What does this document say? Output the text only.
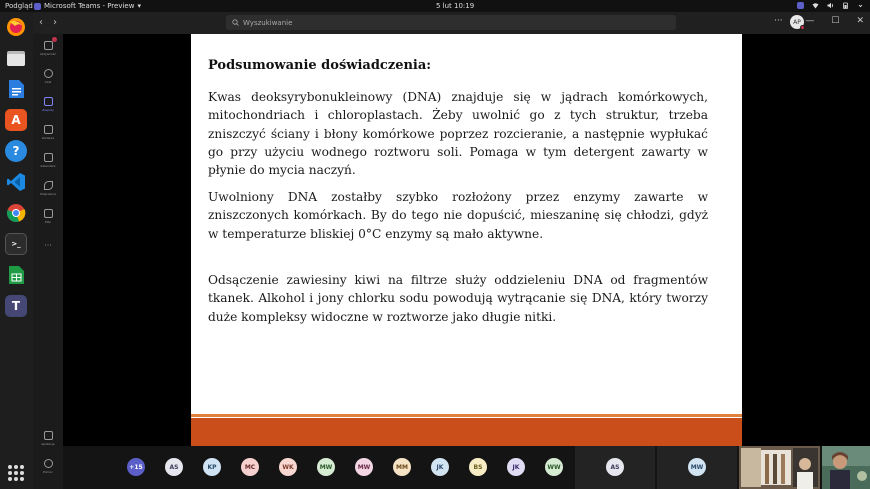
Podgląd Microsoft Teams - Preview ▾	5 lut 10:19
A
?
>_
T
‹ ›	Wyszukiwanie	··· AP — ☐ ✕
Aktywność
Czat
Zespoły
Zadania
Kalendarz
Połączenia
Pliki
···
Aplikacje
Pomoc
Podsumowanie doświadczenia:
Kwas deoksyrybonukleinowy (DNA) znajduje się w jądrach komórkowych, mitochondriach i chloroplastach. Żeby uwolnić go z tych struktur, trzeba zniszczyć ściany i błony komórkowe poprzez rozcieranie, a następnie wypłukać go przy użyciu wodnego roztworu soli. Pomaga w tym detergent zawarty w płynie do mycia naczyń.
Uwolniony DNA zostałby szybko rozłożony przez enzymy zawarte w zniszczonych komórkach. By do tego nie dopuścić, mieszaninę się chłodzi, gdyż w temperaturze bliskiej 0°C enzymy są mało aktywne.
Odsączenie zawiesiny kiwi na filtrze służy oddzieleniu DNA od fragmentów tkanek. Alkohol i jony chlorku sodu powodują wytrącanie się DNA, który tworzy duże kompleksy widoczne w roztworze jako długie nitki.
+15	AS	KP	MC	WK	MW	MW	MM	JK	BS	JK	WW	AS	MW
